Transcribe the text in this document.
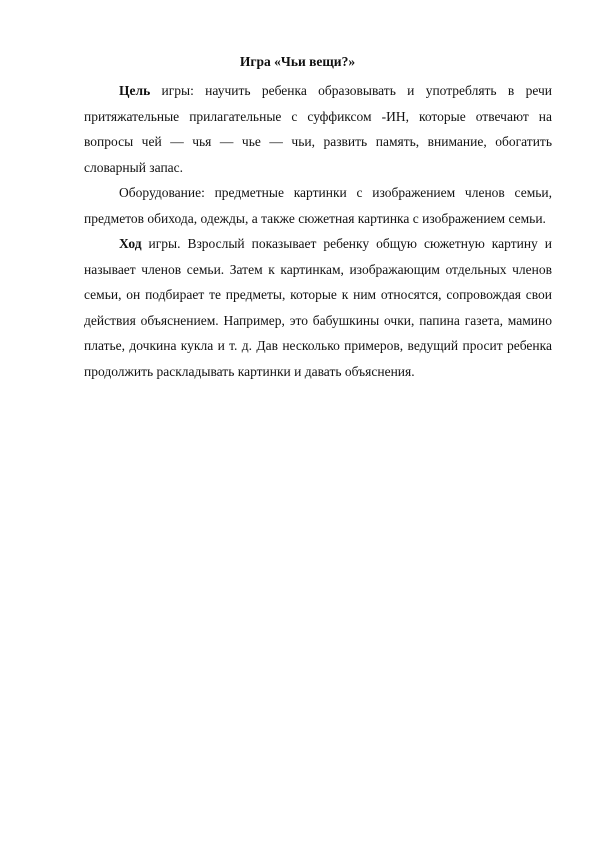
Игра «Чьи вещи?»

Цель игры: научить ребенка образовывать и употреблять в речи притяжательные прилагательные с суффиксом -ИН, которые отвечают на вопросы чей — чья — чье — чьи, развить память, внимание, обогатить словарный запас.

Оборудование: предметные картинки с изображением членов семьи, предметов обихода, одежды, а также сюжетная картинка с изображением семьи.

Ход игры. Взрослый показывает ребенку общую сюжетную картину и называет членов семьи. Затем к картинкам, изображающим отдельных членов семьи, он подбирает те предметы, которые к ним относятся, сопровождая свои действия объяснением. Например, это бабушкины очки, папина газета, мамино платье, дочкина кукла и т. д. Дав несколько примеров, ведущий просит ребенка продолжить раскладывать картинки и давать объяснения.
